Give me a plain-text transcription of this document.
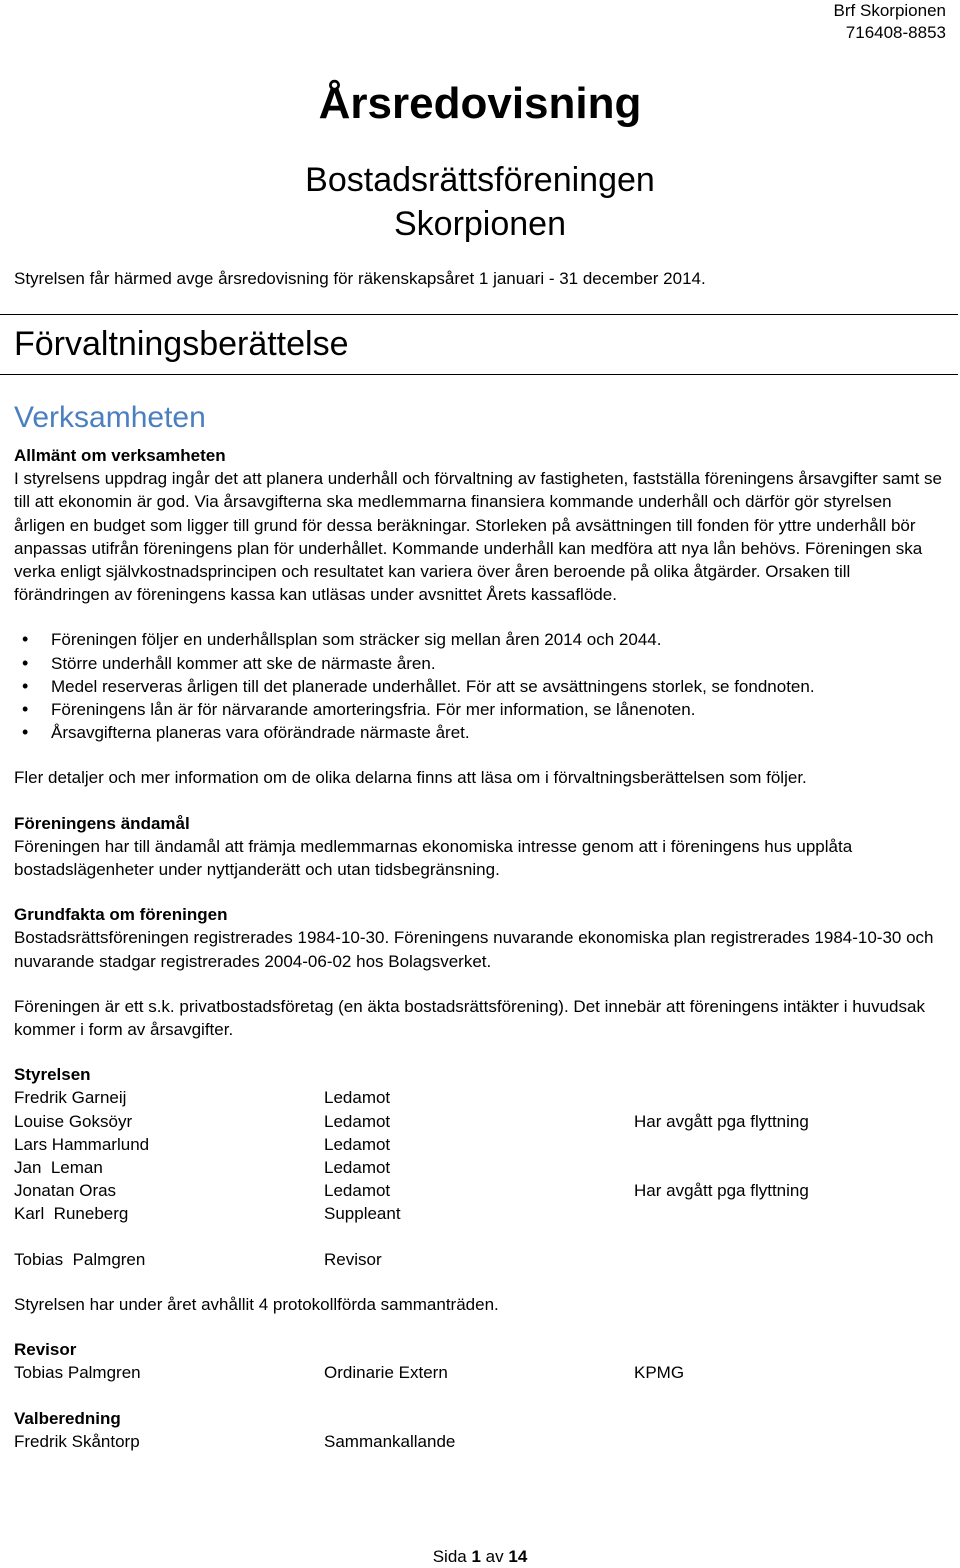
Brf Skorpionen
716408-8853
Årsredovisning
Bostadsrättsföreningen
Skorpionen

Styrelsen får härmed avge årsredovisning för räkenskapsåret 1 januari - 31 december 2014.

Förvaltningsberättelse
Verksamheten

Allmänt om verksamheten

I styrelsens uppdrag ingår det att planera underhåll och förvaltning av fastigheten, fastställa föreningens årsavgifter samt se till att ekonomin är god. Via årsavgifterna ska medlemmarna finansiera kommande underhåll och därför gör styrelsen årligen en budget som ligger till grund för dessa beräkningar. Storleken på avsättningen till fonden för yttre underhåll bör anpassas utifrån föreningens plan för underhållet. Kommande underhåll kan medföra att nya lån behövs. Föreningen ska verka enligt självkostnadsprincipen och resultatet kan variera över åren beroende på olika åtgärder. Orsaken till förändringen av föreningens kassa kan utläsas under avsnittet Årets kassaflöde.

• Föreningen följer en underhållsplan som sträcker sig mellan åren 2014 och 2044.
• Större underhåll kommer att ske de närmaste åren.
• Medel reserveras årligen till det planerade underhållet. För att se avsättningens storlek, se fondnoten.
• Föreningens lån är för närvarande amorteringsfria. För mer information, se lånenoten.
• Årsavgifterna planeras vara oförändrade närmaste året.

Fler detaljer och mer information om de olika delarna finns att läsa om i förvaltningsberättelsen som följer.

Föreningens ändamål

Föreningen har till ändamål att främja medlemmarnas ekonomiska intresse genom att i föreningens hus upplåta bostadslägenheter under nyttjanderätt och utan tidsbegränsning.

Grundfakta om föreningen

Bostadsrättsföreningen registrerades 1984-10-30. Föreningens nuvarande ekonomiska plan registrerades 1984-10-30 och nuvarande stadgar registrerades 2004-06-02 hos Bolagsverket.

Föreningen är ett s.k. privatbostadsföretag (en äkta bostadsrättsförening). Det innebär att föreningens intäkter i huvudsak kommer i form av årsavgifter.

Styrelsen

Fredrik Garneij	Ledamot
Louise Goksöyr	Ledamot	Har avgått pga flyttning
Lars Hammarlund	Ledamot
Jan  Leman	Ledamot
Jonatan Oras	Ledamot	Har avgått pga flyttning
Karl  Runeberg	Suppleant
Tobias  Palmgren	Revisor

Styrelsen har under året avhållit 4 protokollförda sammanträden.

Revisor

Tobias Palmgren	Ordinarie Extern	KPMG

Valberedning

Fredrik Skåntorp	Sammankallande
Sida 1 av 14
